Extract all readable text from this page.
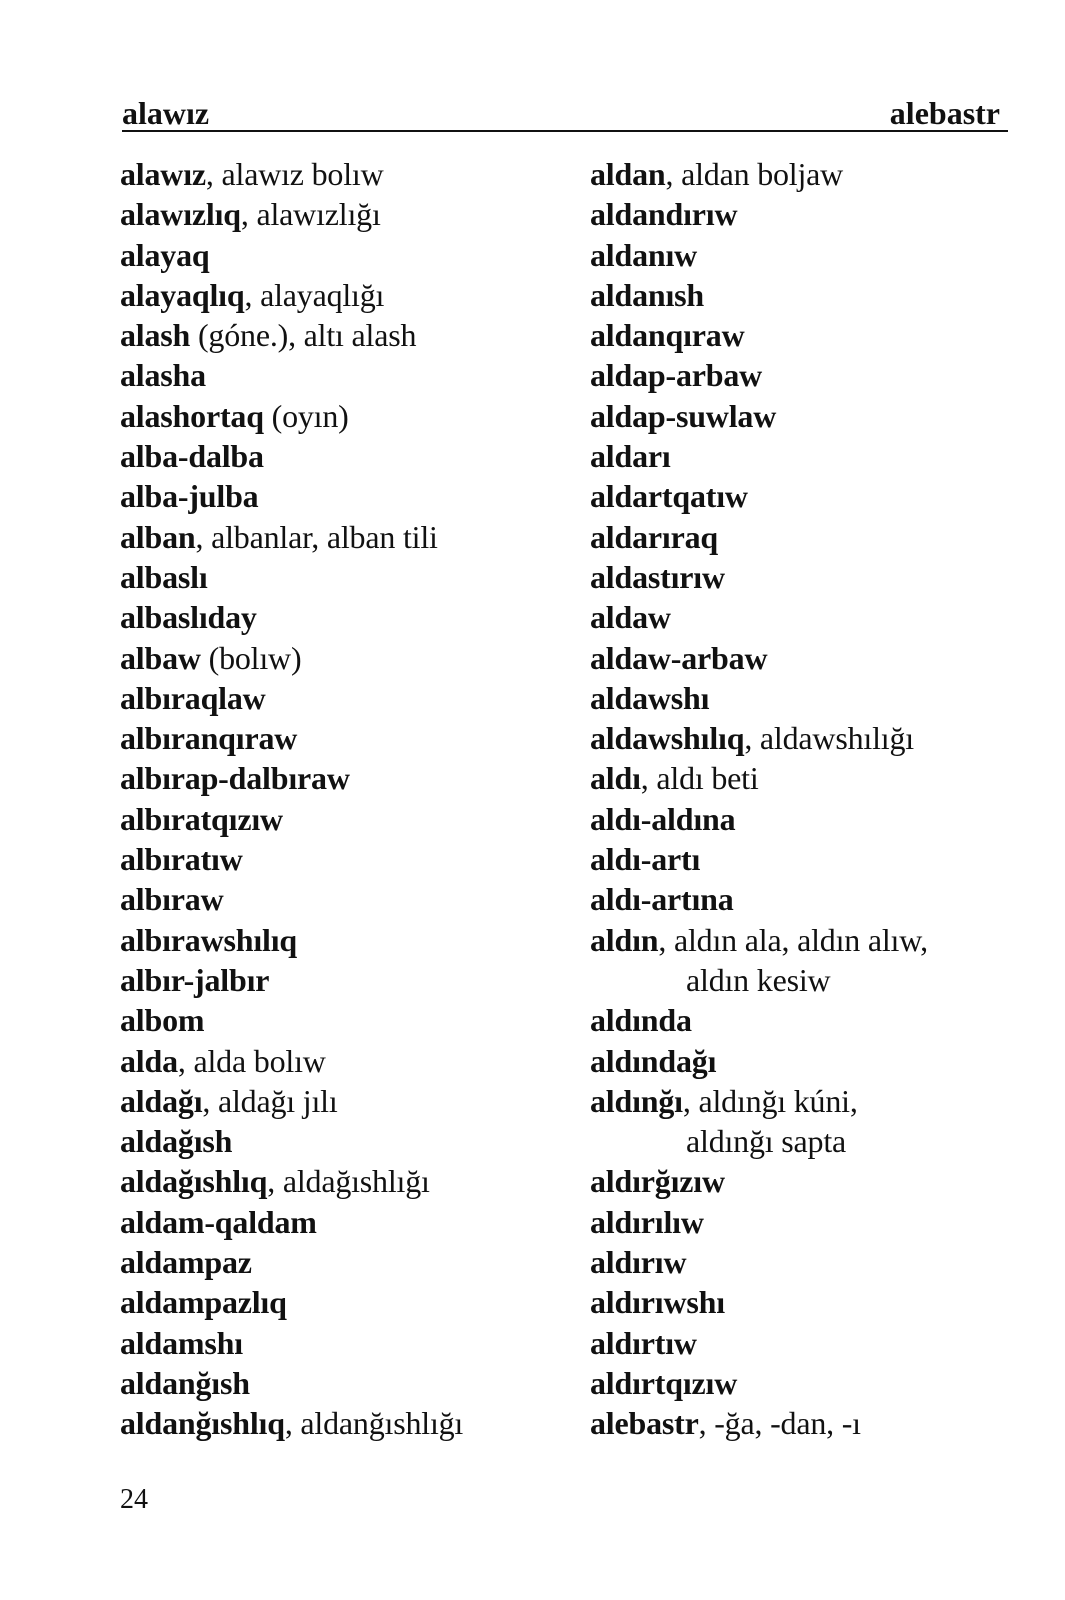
alawız	alebastr
alawız, alawız bolıw
alawızlıq, alawızlığı
alayaq
alayaqlıq, alayaqlığı
alash (góne.), altı alash
alasha
alashortaq (oyın)
alba-dalba
alba-julba
alban, albanlar, alban tili
albaslı
albaslıday
albaw (bolıw)
albıraqlaw
albıranqıraw
albırap-dalbıraw
albıratqızıw
albıratıw
albıraw
albırawshılıq
albır-jalbır
albom
alda, alda bolıw
aldağı, aldağı jılı
aldağısh
aldağıshlıq, aldağıshlığı
aldam-qaldam
aldampaz
aldampazlıq
aldamshı
aldanğısh
aldanğıshlıq, aldanğıshlığı
aldan, aldan boljaw
aldandırıw
aldanıw
aldanısh
aldanqıraw
aldap-arbaw
aldap-suwlaw
aldarı
aldartqatıw
aldarıraq
aldastırıw
aldaw
aldaw-arbaw
aldawshı
aldawshılıq, aldawshılığı
aldı, aldı beti
aldı-aldına
aldı-artı
aldı-artına
aldın, aldın ala, aldın alıw,
aldın kesiw
aldında
aldındağı
aldınğı, aldınğı kúni,
aldınğı sapta
aldırğızıw
aldırılıw
aldırıw
aldırıwshı
aldırtıw
aldırtqızıw
alebastr, -ğa, -dan, -ı
24
